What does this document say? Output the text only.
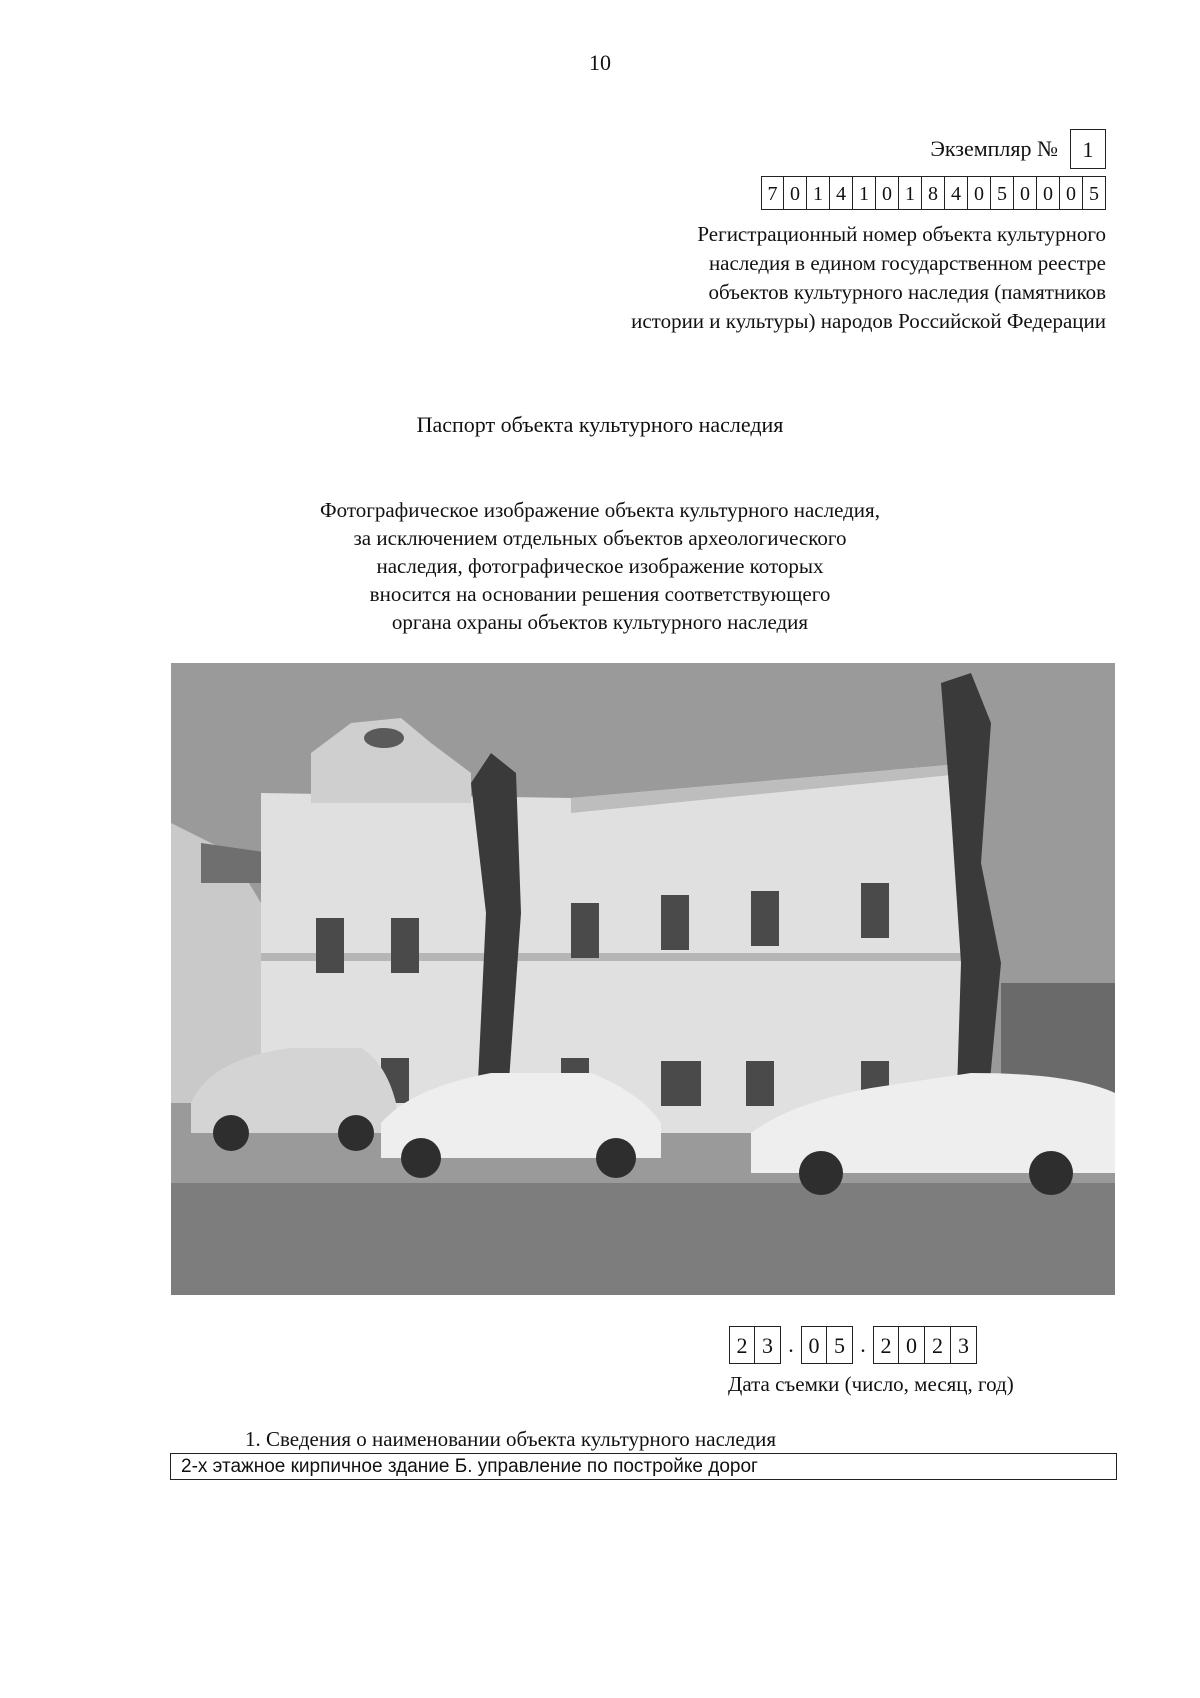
10
Экземпляр №	1
7 0 1 4 1 0 1 8 4 0 5 0 0 0 5
Регистрационный номер объекта культурного
наследия в едином государственном реестре
объектов культурного наследия (памятников
истории и культуры) народов Российской Федерации
Паспорт объекта культурного наследия
Фотографическое изображение объекта культурного наследия,
за исключением отдельных объектов археологического
наследия, фотографическое изображение которых
вносится на основании решения соответствующего
органа охраны объектов культурного наследия
2 3 . 0 5 . 2 0 2 3
Дата съемки (число, месяц, год)
1. Сведения о наименовании объекта культурного наследия
2-х этажное кирпичное здание Б. управление по постройке дорог
